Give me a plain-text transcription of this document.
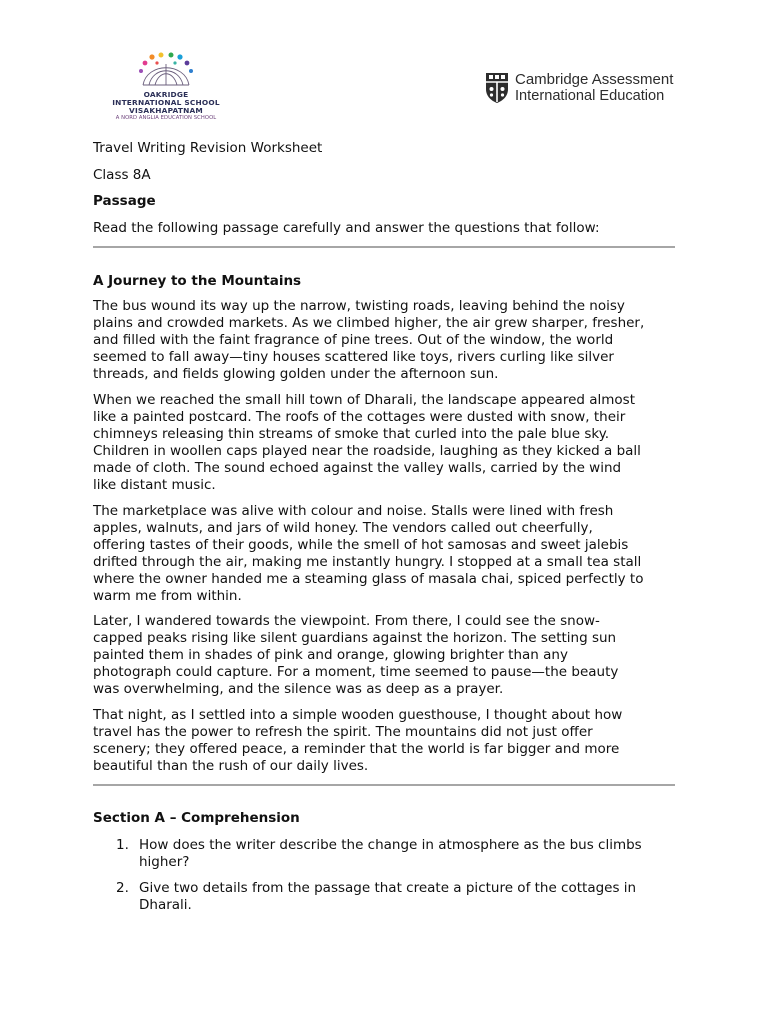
OAKRIDGE
INTERNATIONAL SCHOOL
VISAKHAPATNAM
A NORD ANGLIA EDUCATION SCHOOL
Cambridge Assessment
International Education
Travel Writing Revision Worksheet
Class 8A
Passage
Read the following passage carefully and answer the questions that follow:
A Journey to the Mountains
The bus wound its way up the narrow, twisting roads, leaving behind the noisy
plains and crowded markets. As we climbed higher, the air grew sharper, fresher,
and filled with the faint fragrance of pine trees. Out of the window, the world
seemed to fall away—tiny houses scattered like toys, rivers curling like silver
threads, and fields glowing golden under the afternoon sun.
When we reached the small hill town of Dharali, the landscape appeared almost
like a painted postcard. The roofs of the cottages were dusted with snow, their
chimneys releasing thin streams of smoke that curled into the pale blue sky.
Children in woollen caps played near the roadside, laughing as they kicked a ball
made of cloth. The sound echoed against the valley walls, carried by the wind
like distant music.
The marketplace was alive with colour and noise. Stalls were lined with fresh
apples, walnuts, and jars of wild honey. The vendors called out cheerfully,
offering tastes of their goods, while the smell of hot samosas and sweet jalebis
drifted through the air, making me instantly hungry. I stopped at a small tea stall
where the owner handed me a steaming glass of masala chai, spiced perfectly to
warm me from within.
Later, I wandered towards the viewpoint. From there, I could see the snow-
capped peaks rising like silent guardians against the horizon. The setting sun
painted them in shades of pink and orange, glowing brighter than any
photograph could capture. For a moment, time seemed to pause—the beauty
was overwhelming, and the silence was as deep as a prayer.
That night, as I settled into a simple wooden guesthouse, I thought about how
travel has the power to refresh the spirit. The mountains did not just offer
scenery; they offered peace, a reminder that the world is far bigger and more
beautiful than the rush of our daily lives.
Section A – Comprehension
1. How does the writer describe the change in atmosphere as the bus climbs
higher?
2. Give two details from the passage that create a picture of the cottages in
Dharali.
